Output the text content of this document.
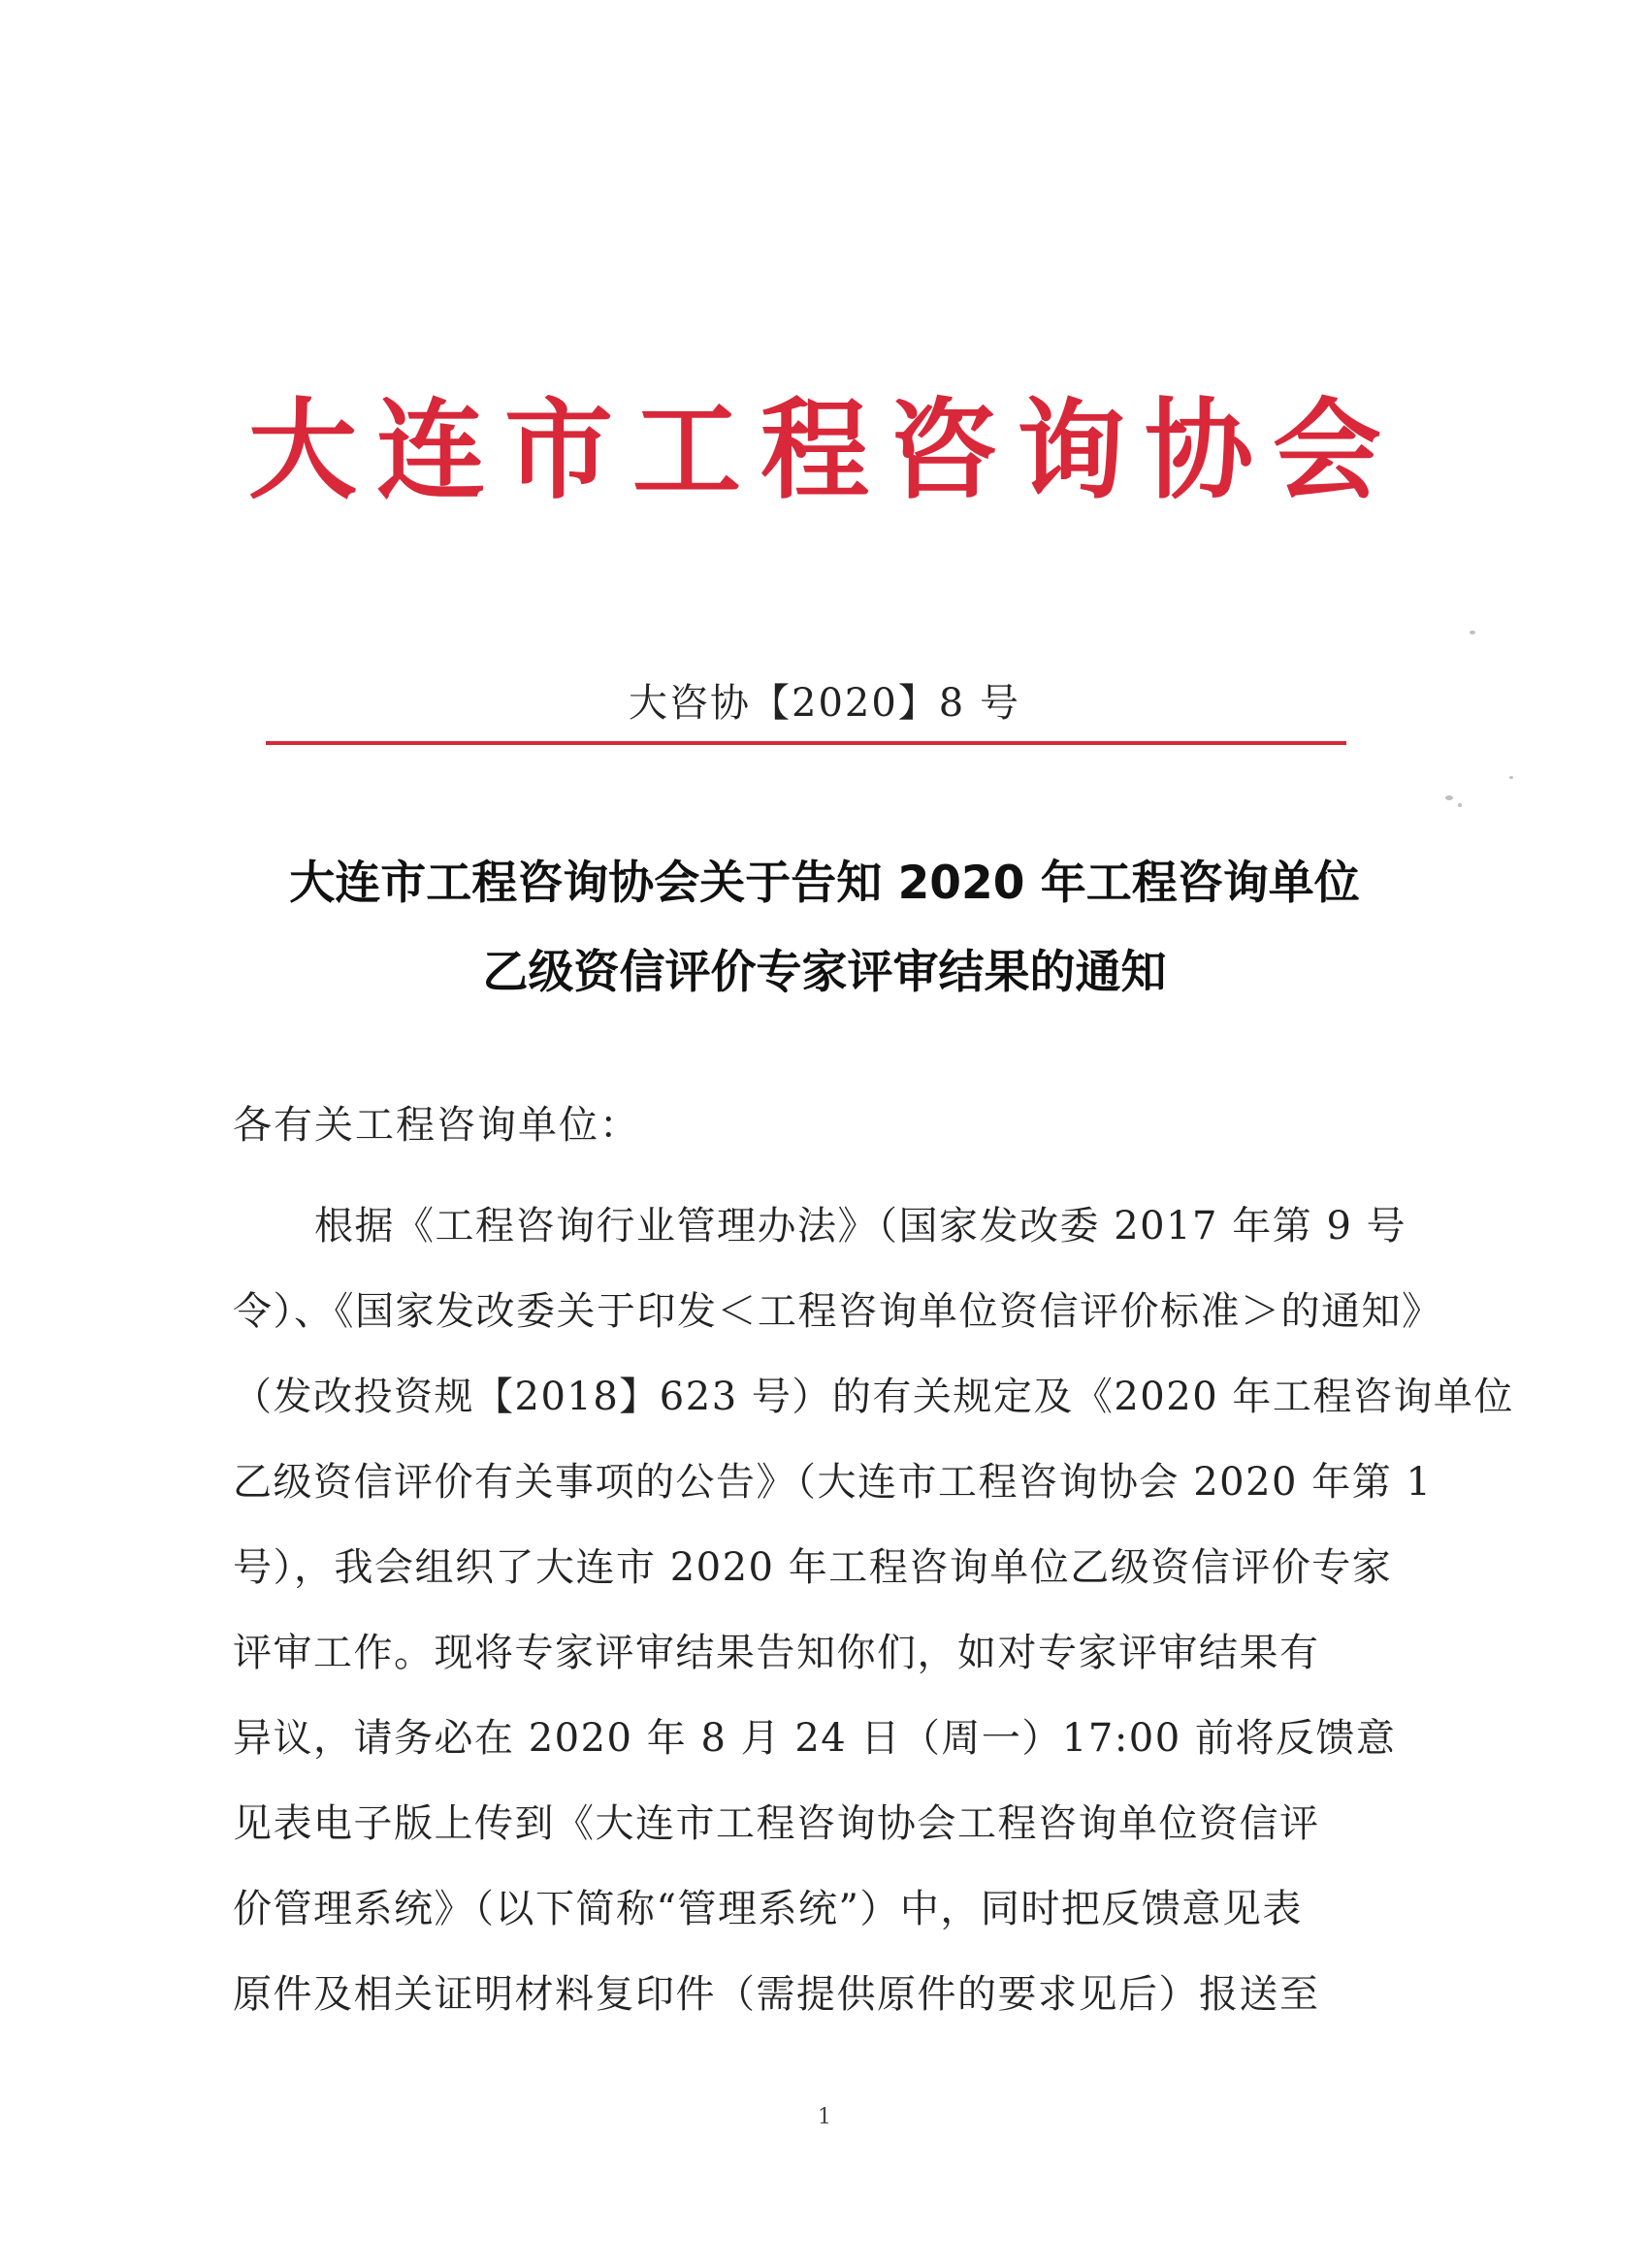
大连市工程咨询协会
大咨协【2020】8 号
大连市工程咨询协会关于告知 2020 年工程咨询单位
乙级资信评价专家评审结果的通知
各有关工程咨询单位：
根据《工程咨询行业管理办法》（国家发改委 2017 年第 9 号
令）、《国家发改委关于印发＜工程咨询单位资信评价标准＞的通知》
（发改投资规【2018】623 号）的有关规定及《2020 年工程咨询单位
乙级资信评价有关事项的公告》（大连市工程咨询协会 2020 年第 1
号），我会组织了大连市 2020 年工程咨询单位乙级资信评价专家
评审工作。现将专家评审结果告知你们，如对专家评审结果有
异议，请务必在 2020 年 8 月 24 日（周一）17:00 前将反馈意
见表电子版上传到《大连市工程咨询协会工程咨询单位资信评
价管理系统》（以下简称“管理系统”）中，同时把反馈意见表
原件及相关证明材料复印件（需提供原件的要求见后）报送至
1
